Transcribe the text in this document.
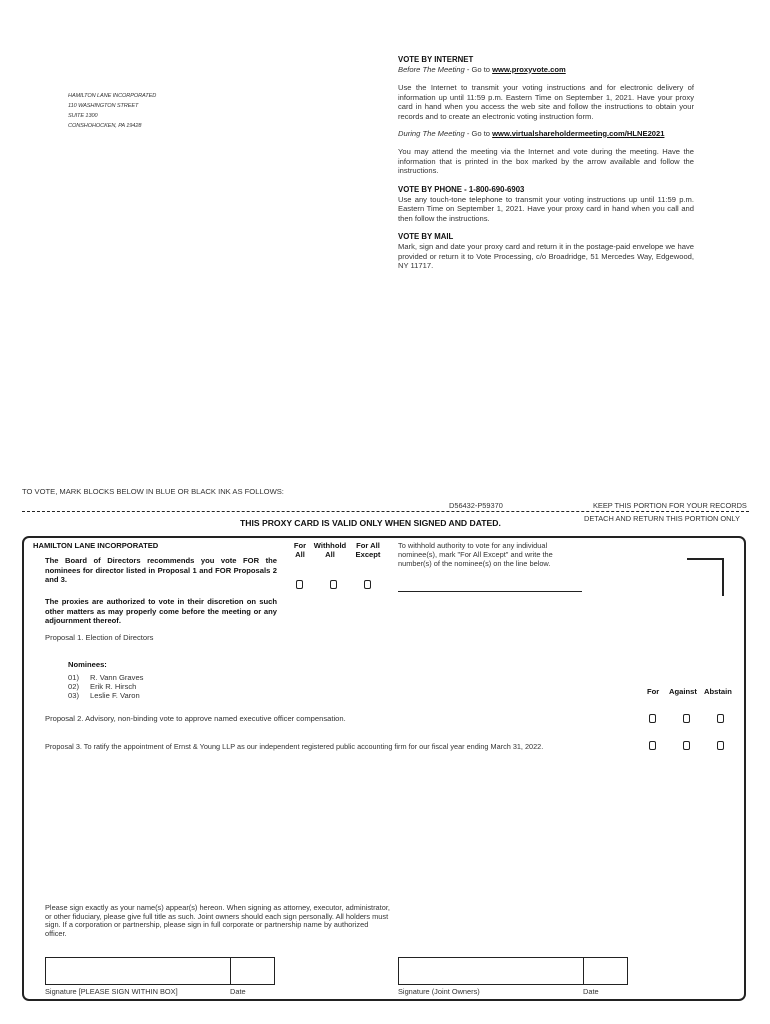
HAMILTON LANE INCORPORATED
110 WASHINGTON STREET
SUITE 1300
CONSHOHOCKEN, PA 19428
VOTE BY INTERNET
Before The Meeting - Go to www.proxyvote.com

Use the Internet to transmit your voting instructions and for electronic delivery of information up until 11:59 p.m. Eastern Time on September 1, 2021. Have your proxy card in hand when you access the web site and follow the instructions to obtain your records and to create an electronic voting instruction form.

During The Meeting - Go to www.virtualshareholdermeeting.com/HLNE2021

You may attend the meeting via the Internet and vote during the meeting. Have the information that is printed in the box marked by the arrow available and follow the instructions.

VOTE BY PHONE - 1-800-690-6903

Use any touch-tone telephone to transmit your voting instructions up until 11:59 p.m. Eastern Time on September 1, 2021. Have your proxy card in hand when you call and then follow the instructions.

VOTE BY MAIL

Mark, sign and date your proxy card and return it in the postage-paid envelope we have provided or return it to Vote Processing, c/o Broadridge, 51 Mercedes Way, Edgewood, NY 11717.

TO VOTE, MARK BLOCKS BELOW IN BLUE OR BLACK INK AS FOLLOWS:
D56432-P59370	KEEP THIS PORTION FOR YOUR RECORDS
DETACH AND RETURN THIS PORTION ONLY
THIS PROXY CARD IS VALID ONLY WHEN SIGNED AND DATED.
HAMILTON LANE INCORPORATED

The Board of Directors recommends you vote FOR the nominees for director listed in Proposal 1 and FOR Proposals 2 and 3.

The proxies are authorized to vote in their discretion on such other matters as may properly come before the meeting or any adjournment thereof.

For
All
Withhold
All
For All
Except

To withhold authority to vote for any individual nominee(s), mark "For All Except" and write the number(s) of the nominee(s) on the line below.

Proposal 1. Election of Directors
Nominees:
01) R. Vann Graves
02) Erik R. Hirsch
03) Leslie F. Varon	For Against Abstain
Proposal 2. Advisory, non-binding vote to approve named executive officer compensation.
Proposal 3. To ratify the appointment of Ernst & Young LLP as our independent registered public accounting firm for our fiscal year ending March 31, 2022.

Please sign exactly as your name(s) appear(s) hereon. When signing as attorney, executor, administrator, or other fiduciary, please give full title as such. Joint owners should each sign personally. All holders must sign. If a corporation or partnership, please sign in full corporate or partnership name by authorized officer.

Signature [PLEASE SIGN WITHIN BOX]	Date	Signature (Joint Owners)	Date
